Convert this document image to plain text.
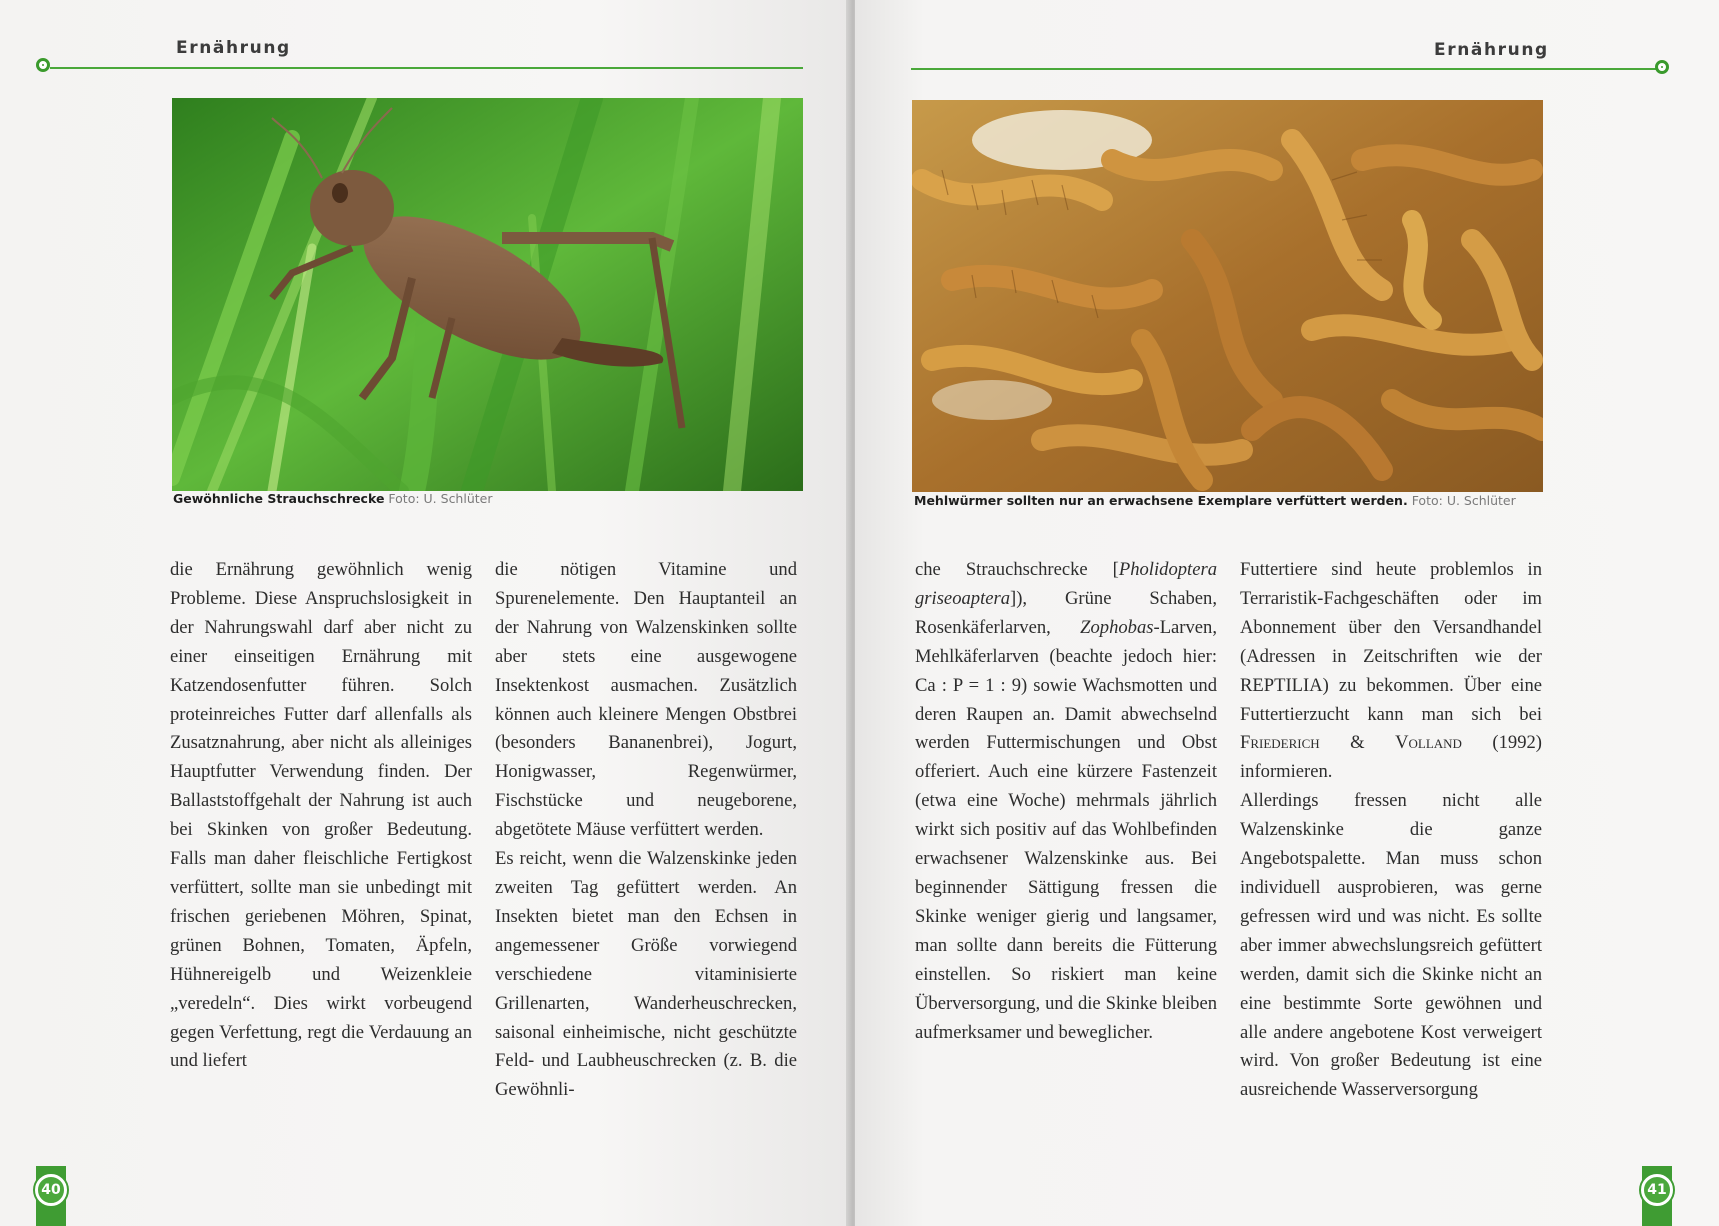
Ernährung
Gewöhnliche Strauchschrecke Foto: U. Schlüter

die Ernährung gewöhnlich wenig Probleme. Diese Anspruchslosigkeit in der Nahrungswahl darf aber nicht zu einer einseitigen Ernährung mit Katzendosenfutter führen. Solch proteinreiches Futter darf allenfalls als Zusatznahrung, aber nicht als alleiniges Hauptfutter Verwendung finden. Der Ballaststoffgehalt der Nahrung ist auch bei Skinken von großer Bedeutung. Falls man daher fleischliche Fertigkost verfüttert, sollte man sie unbedingt mit frischen geriebenen Möhren, Spinat, grünen Bohnen, Tomaten, Äpfeln, Hühnereigelb und Weizenkleie „veredeln“. Dies wirkt vorbeugend gegen Verfettung, regt die Verdauung an und liefert

die nötigen Vitamine und Spurenelemente. Den Hauptanteil an der Nahrung von Walzenskinken sollte aber stets eine ausgewogene Insektenkost ausmachen. Zusätzlich können auch kleinere Mengen Obstbrei (besonders Bananenbrei), Jogurt, Honigwasser, Regenwürmer, Fischstücke und neugeborene, abgetötete Mäuse verfüttert werden.

Es reicht, wenn die Walzenskinke jeden zweiten Tag gefüttert werden. An Insekten bietet man den Echsen in angemessener Größe vorwiegend verschiedene vitaminisierte Grillenarten, Wanderheuschrecken, saisonal einheimische, nicht geschützte Feld- und Laubheuschrecken (z. B. die Gewöhnli-

40
Ernährung
Mehlwürmer sollten nur an erwachsene Exemplare verfüttert werden. Foto: U. Schlüter

che Strauchschrecke [Pholidoptera griseoaptera]), Grüne Schaben, Rosenkäferlarven, Zophobas-Larven, Mehlkäferlarven (beachte jedoch hier: Ca : P = 1 : 9) sowie Wachsmotten und deren Raupen an. Damit abwechselnd werden Futtermischungen und Obst offeriert. Auch eine kürzere Fastenzeit (etwa eine Woche) mehrmals jährlich wirkt sich positiv auf das Wohlbefinden erwachsener Walzenskinke aus. Bei beginnender Sättigung fressen die Skinke weniger gierig und langsamer, man sollte dann bereits die Fütterung einstellen. So riskiert man keine Überversorgung, und die Skinke bleiben aufmerksamer und beweglicher.

Futtertiere sind heute problemlos in Terraristik-Fachgeschäften oder im Abonnement über den Versandhandel (Adressen in Zeitschriften wie der REPTILIA) zu bekommen. Über eine Futtertierzucht kann man sich bei Friederich & Volland (1992) informieren.

Allerdings fressen nicht alle Walzenskinke die ganze Angebotspalette. Man muss schon individuell ausprobieren, was gerne gefressen wird und was nicht. Es sollte aber immer abwechslungsreich gefüttert werden, damit sich die Skinke nicht an eine bestimmte Sorte gewöhnen und alle andere angebotene Kost verweigert wird. Von großer Bedeutung ist eine ausreichende Wasserversorgung

41
